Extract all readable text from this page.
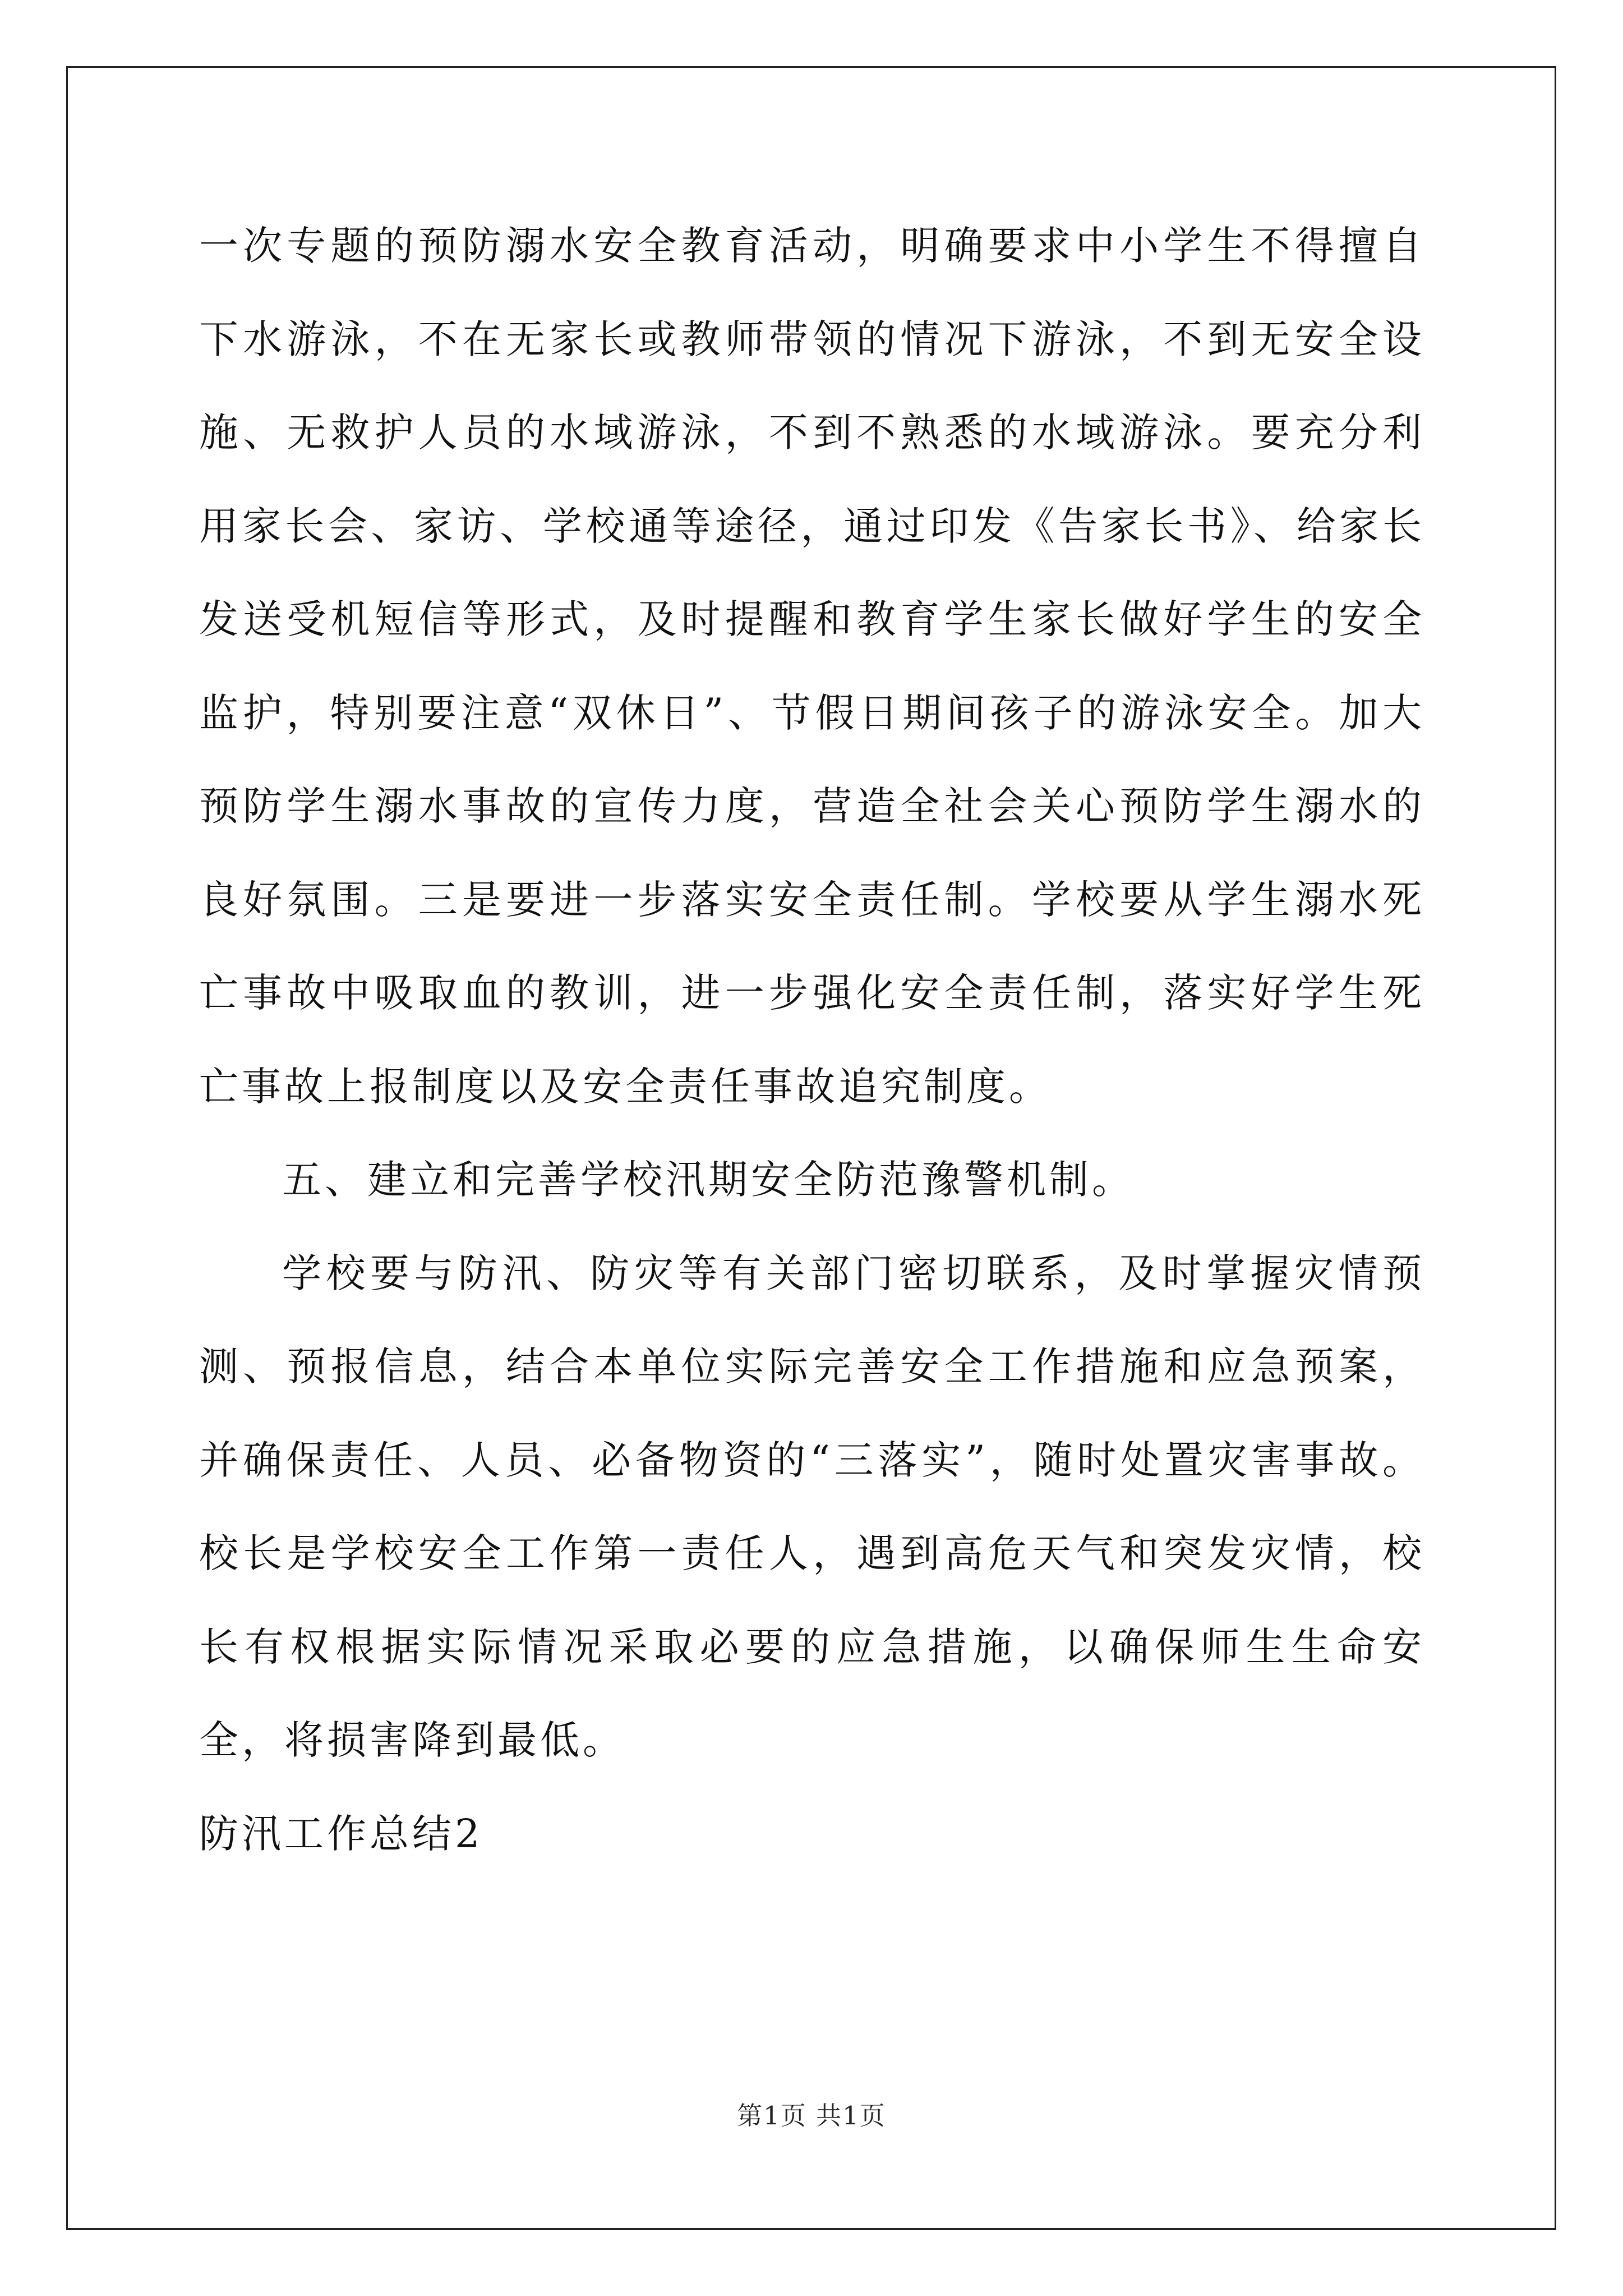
一次专题的预防溺水安全教育活动，明确要求中小学生不得擅自下水游泳，不在无家长或教师带领的情况下游泳，不到无安全设施、无救护人员的水域游泳，不到不熟悉的水域游泳。要充分利用家长会、家访、学校通等途径，通过印发《告家长书》、给家长发送受机短信等形式，及时提醒和教育学生家长做好学生的安全监护，特别要注意“双休日”、节假日期间孩子的游泳安全。加大预防学生溺水事故的宣传力度，营造全社会关心预防学生溺水的良好氛围。三是要进一步落实安全责任制。学校要从学生溺水死亡事故中吸取血的教训，进一步强化安全责任制，落实好学生死亡事故上报制度以及安全责任事故追究制度。

五、建立和完善学校汛期安全防范豫警机制。

学校要与防汛、防灾等有关部门密切联系，及时掌握灾情预测、预报信息，结合本单位实际完善安全工作措施和应急预案，并确保责任、人员、必备物资的“三落实”，随时处置灾害事故。校长是学校安全工作第一责任人，遇到高危天气和突发灾情，校长有权根据实际情况采取必要的应急措施，以确保师生生命安全，将损害降到最低。

防汛工作总结2

第1页 共1页
